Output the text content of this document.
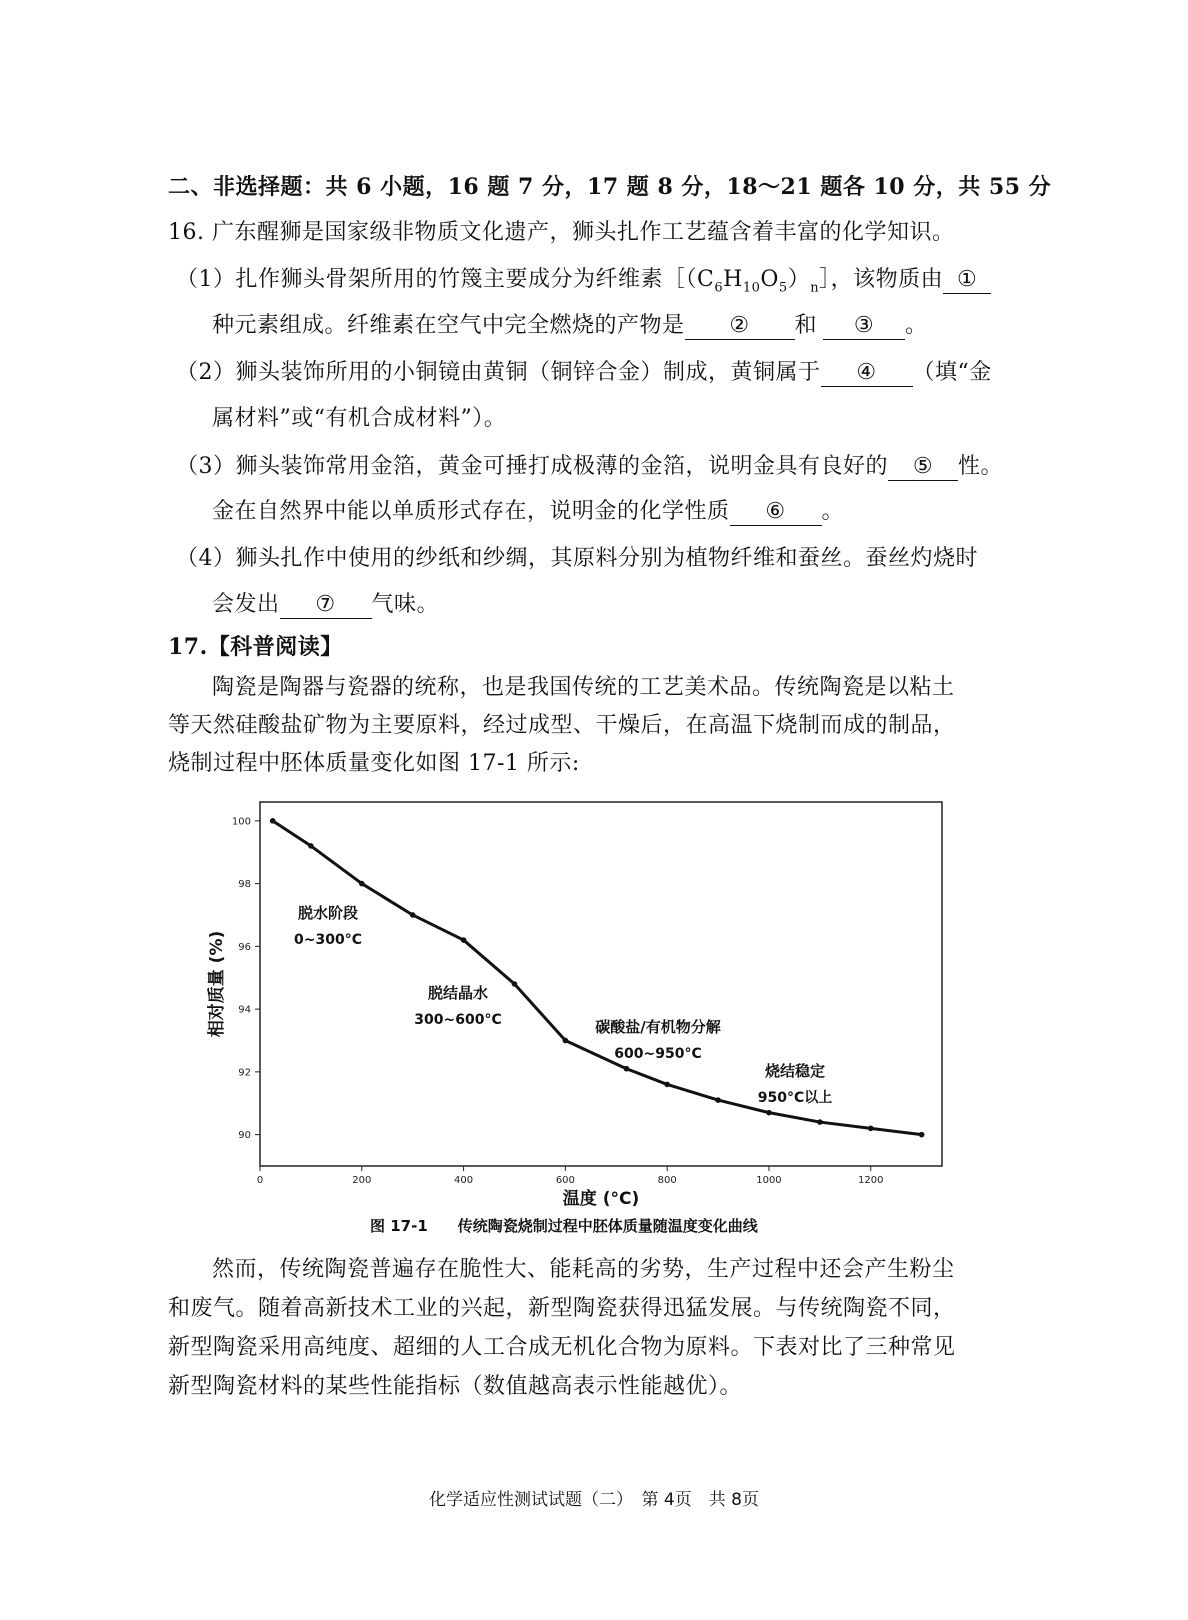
二、非选择题：共 6 小题，16 题 7 分，17 题 8 分，18～21 题各 10 分，共 55 分
16. 广东醒狮是国家级非物质文化遗产，狮头扎作工艺蕴含着丰富的化学知识。
（1）扎作狮头骨架所用的竹篾主要成分为纤维素$[(C_6H_{10}O_5)_n]$，该物质由 ①
种元素组成。纤维素在空气中完全燃烧的产物是 ② 和 ③ 。
（2）狮头装饰所用的小铜镜由黄铜（铜锌合金）制成，黄铜属于 ④ （填“金
属材料”或“有机合成材料”）。
（3）狮头装饰常用金箔，黄金可捶打成极薄的金箔，说明金具有良好的 ⑤ 性。
金在自然界中能以单质形式存在，说明金的化学性质 ⑥ 。
（4）狮头扎作中使用的纱纸和纱绸，其原料分别为植物纤维和蚕丝。蚕丝灼烧时
会发出 ⑦ 气味。
17.【科普阅读】
陶瓷是陶器与瓷器的统称，也是我国传统的工艺美术品。传统陶瓷是以粘土
等天然硅酸盐矿物为主要原料，经过成型、干燥后，在高温下烧制而成的制品，
烧制过程中胚体质量变化如图 17-1 所示:
0	200	400	600	800	1000	1200
90
92
94
96
98
100
温度 (°C)
相对质量 (%)
脱水阶段
0~300°C
脱结晶水
300~600°C	碳酸盐/有机物分解
600~950°C
烧结稳定
950°C以上
图 17-1　　传统陶瓷烧制过程中胚体质量随温度变化曲线
然而，传统陶瓷普遍存在脆性大、能耗高的劣势，生产过程中还会产生粉尘
和废气。随着高新技术工业的兴起，新型陶瓷获得迅猛发展。与传统陶瓷不同，
新型陶瓷采用高纯度、超细的人工合成无机化合物为原料。下表对比了三种常见
新型陶瓷材料的某些性能指标（数值越高表示性能越优）。
化学适应性测试试题（二）　第 4页　共 8页
